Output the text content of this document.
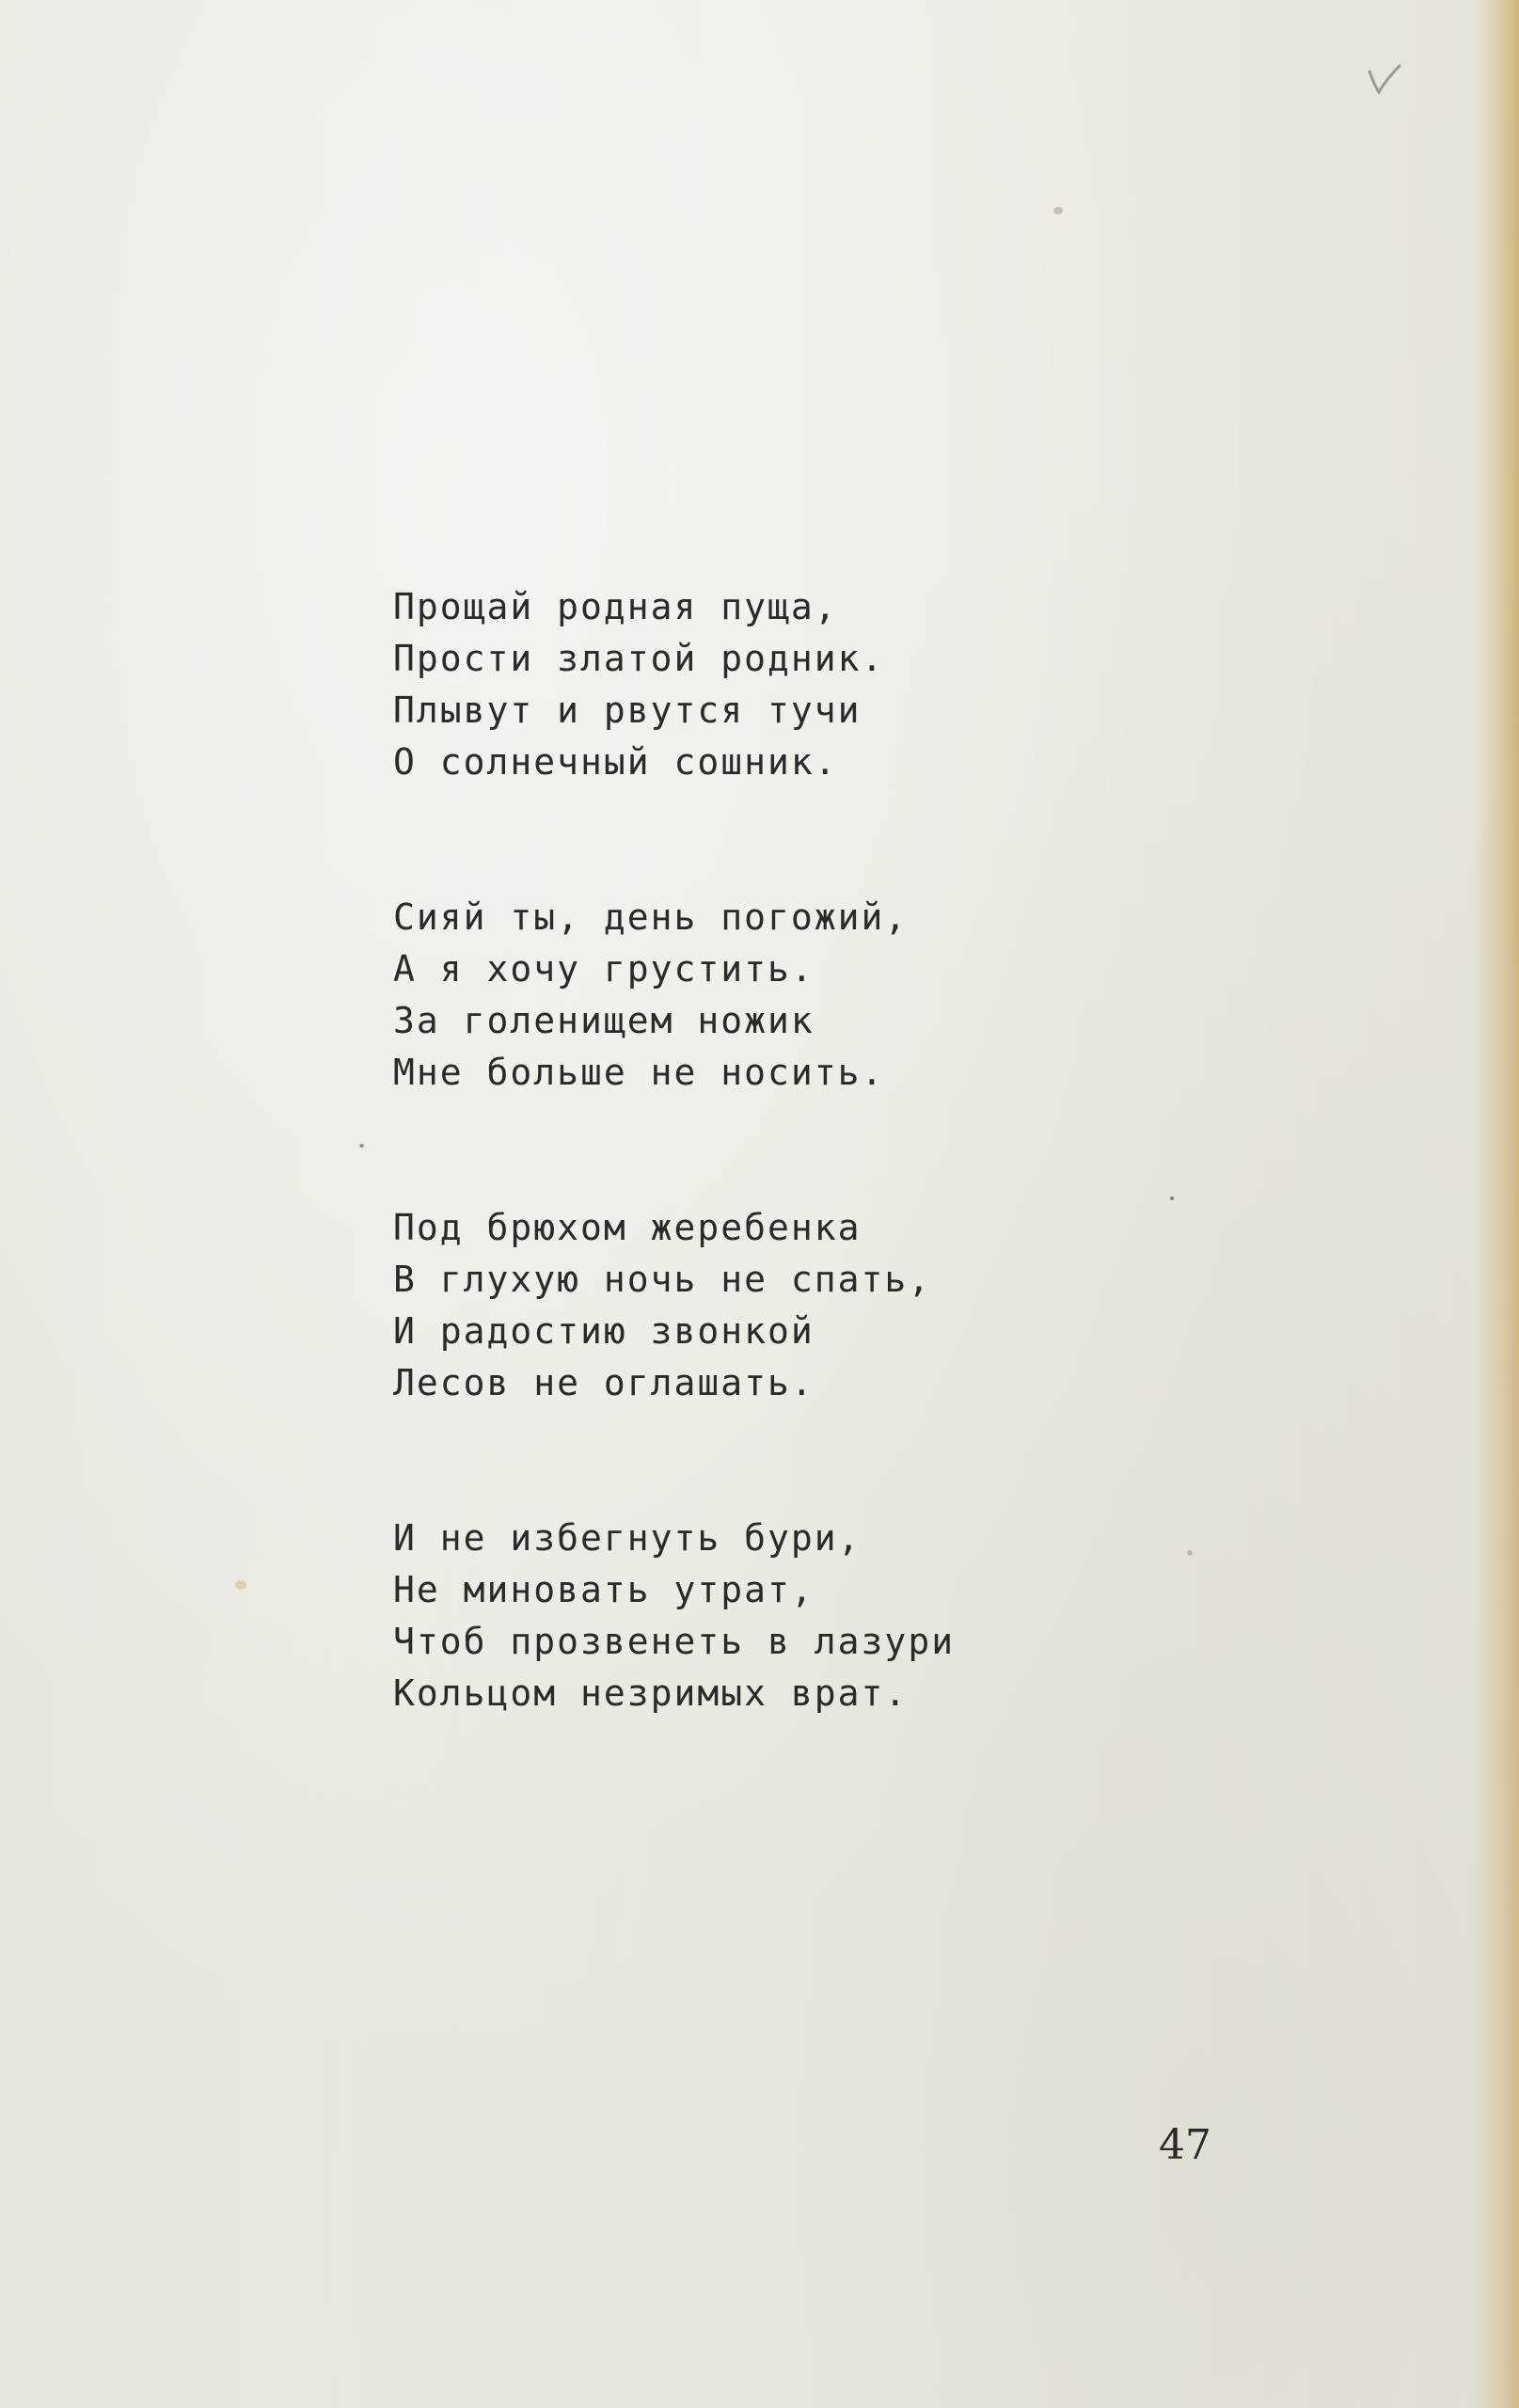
Прощай родная пуща,
Прости златой родник.
Плывут и рвутся тучи
О солнечный сошник.
Сияй ты, день погожий,
А я хочу грустить.
За голенищем ножик
Мне больше не носить.
Под брюхом жеребенка
В глухую ночь не спать,
И радостию звонкой
Лесов не оглашать.
И не избегнуть бури,
Не миновать утрат,
Чтоб прозвенеть в лазури
Кольцом незримых врат.
47
